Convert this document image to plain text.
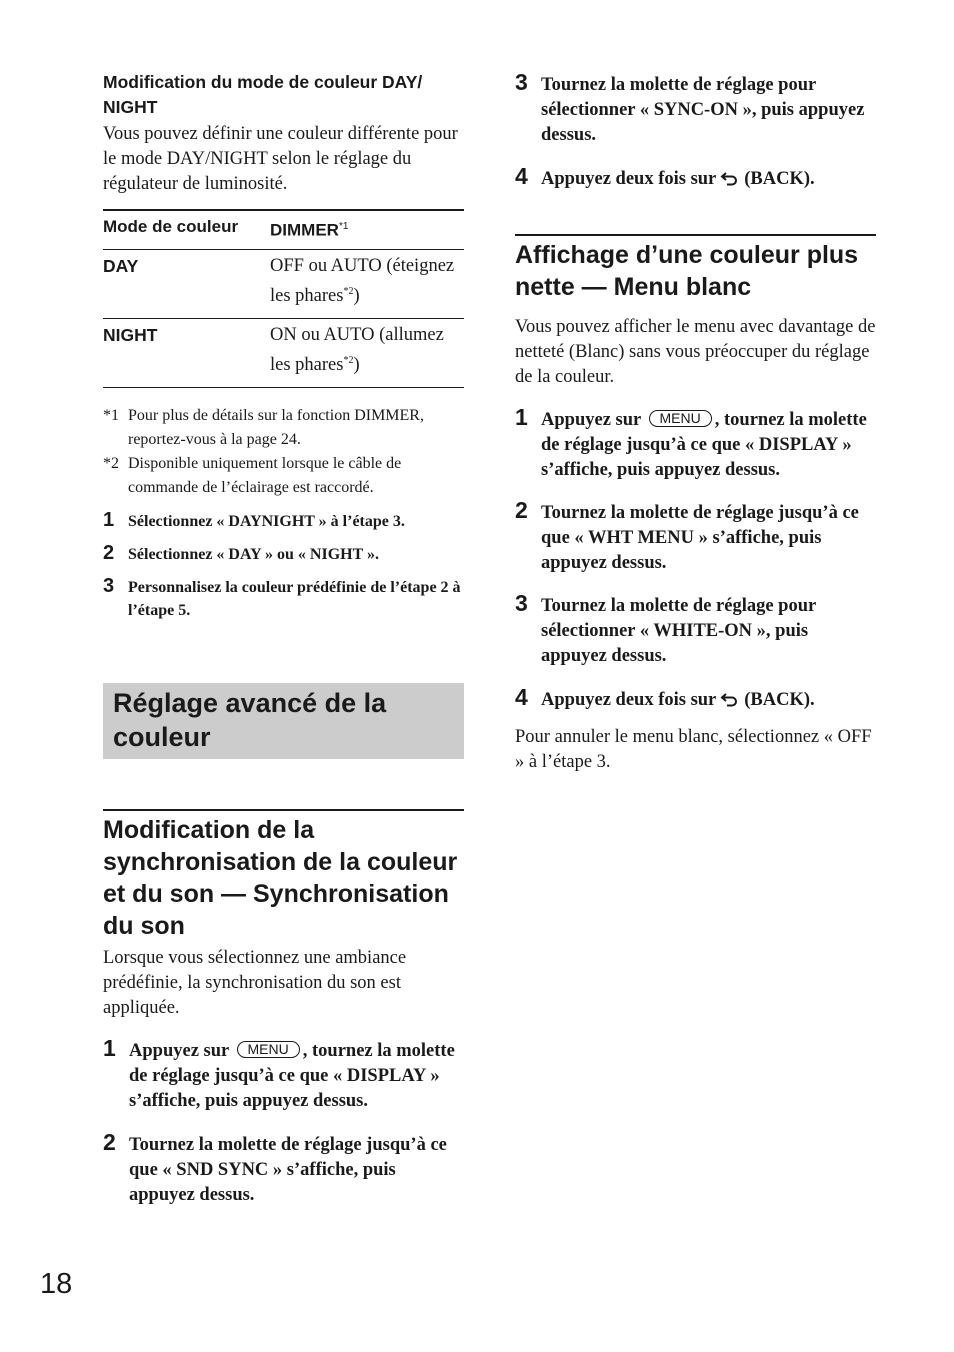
Modification du mode de couleur DAY/ NIGHT

Vous pouvez définir une couleur différente pour le mode DAY/NIGHT selon le réglage du régulateur de luminosité.

Mode de couleur	DIMMER$^{*1}$
DAY	OFF ou AUTO (éteignez les phares$^{*2}$)
NIGHT	ON ou AUTO (allumez les phares$^{*2}$)
*1 Pour plus de détails sur la fonction DIMMER, reportez-vous à la page 24.
*2 Disponible uniquement lorsque le câble de commande de l’éclairage est raccordé.
1 Sélectionnez « DAYNIGHT » à l’étape 3.
2 Sélectionnez « DAY » ou « NIGHT ».
3 Personnalisez la couleur prédéfinie de l’étape 2 à l’étape 5.
Réglage avancé de la couleur
Modification de la synchronisation de la couleur et du son — Synchronisation du son

Lorsque vous sélectionnez une ambiance prédéfinie, la synchronisation du son est appliquée.

1 Appuyez sur MENU , tournez la molette de réglage jusqu’à ce que « DISPLAY » s’affiche, puis appuyez dessus.
2 Tournez la molette de réglage jusqu’à ce que « SND SYNC » s’affiche, puis appuyez dessus.
3 Tournez la molette de réglage pour sélectionner « SYNC-ON », puis appuyez dessus.
4 Appuyez deux fois sur (BACK).
Affichage d’une couleur plus nette — Menu blanc

Vous pouvez afficher le menu avec davantage de netteté (Blanc) sans vous préoccuper du réglage de la couleur.

1 Appuyez sur MENU , tournez la molette de réglage jusqu’à ce que « DISPLAY » s’affiche, puis appuyez dessus.
2 Tournez la molette de réglage jusqu’à ce que « WHT MENU » s’affiche, puis appuyez dessus.
3 Tournez la molette de réglage pour sélectionner « WHITE-ON », puis appuyez dessus.
4 Appuyez deux fois sur (BACK).

Pour annuler le menu blanc, sélectionnez « OFF » à l’étape 3.

18
